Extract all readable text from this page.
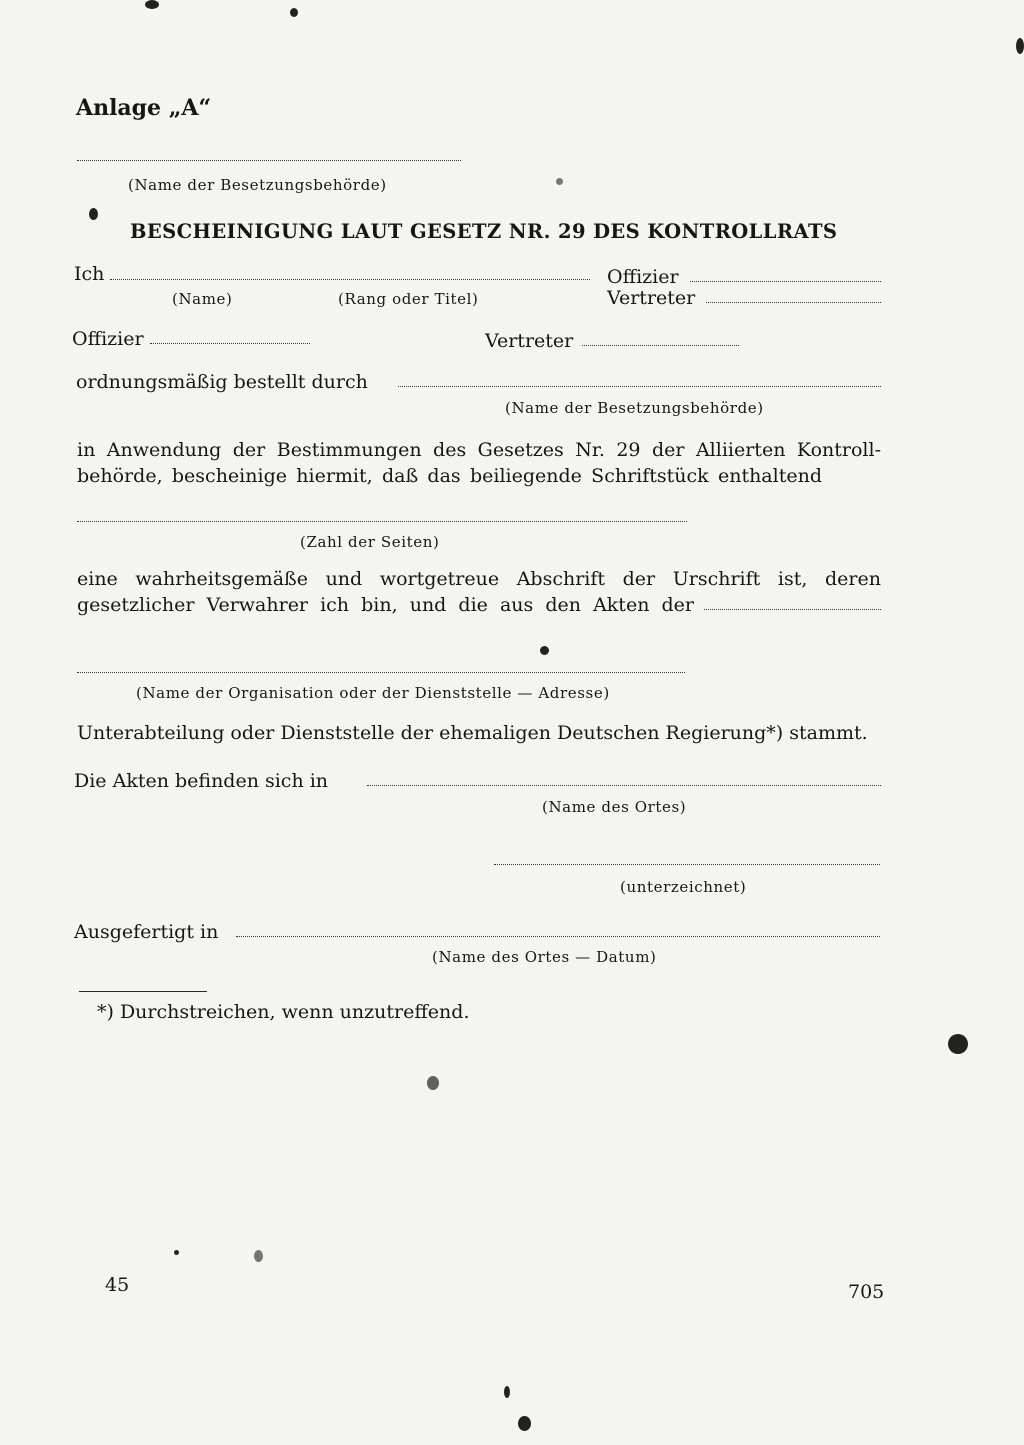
Anlage „A“
(Name der Besetzungsbehörde)
BESCHEINIGUNG LAUT GESETZ NR. 29 DES KONTROLLRATS
Ich	Offizier
(Name)	(Rang oder Titel)	Vertreter
Offizier	Vertreter
ordnungsmäßig bestellt durch
(Name der Besetzungsbehörde)
in Anwendung der Bestimmungen des Gesetzes Nr. 29 der Alliierten Kontroll-
behörde, bescheinige hiermit, daß das beiliegende Schriftstück enthaltend
(Zahl der Seiten)
eine wahrheitsgemäße und wortgetreue Abschrift der Urschrift ist, deren
gesetzlicher Verwahrer ich bin, und die aus den Akten der
(Name der Organisation oder der Dienststelle — Adresse)
Unterabteilung oder Dienststelle der ehemaligen Deutschen Regierung*) stammt.
Die Akten befinden sich in
(Name des Ortes)
(unterzeichnet)
Ausgefertigt in
(Name des Ortes — Datum)
*) Durchstreichen, wenn unzutreffend.
45	705
